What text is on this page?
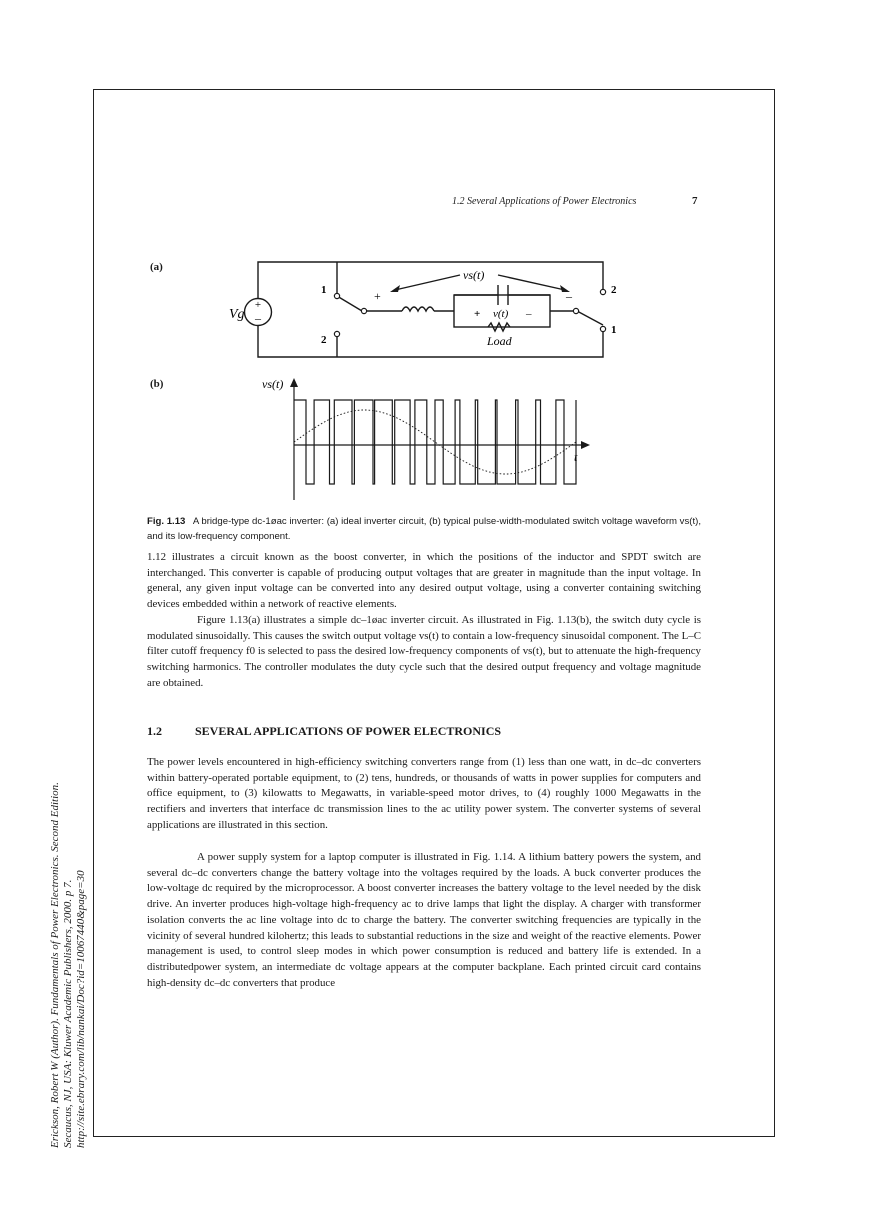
1.2 Several Applications of Power Electronics	7
(a)
(b)
+
–
Vg
1
2
2
1
vs(t)
+	–
+ v(t) –
Load
vs(t)
t
Fig. 1.13 A bridge-type dc-1øac inverter: (a) ideal inverter circuit, (b) typical pulse-width-modulated switch voltage waveform vs(t), and its low-frequency component.

1.12 illustrates a circuit known as the boost converter, in which the positions of the inductor and SPDT switch are interchanged. This converter is capable of producing output voltages that are greater in magnitude than the input voltage. In general, any given input voltage can be converted into any desired output voltage, using a converter containing switching devices embedded within a network of reactive elements.

Figure 1.13(a) illustrates a simple dc–1øac inverter circuit. As illustrated in Fig. 1.13(b), the switch duty cycle is modulated sinusoidally. This causes the switch output voltage vs(t) to contain a low-frequency sinusoidal component. The L–C filter cutoff frequency f0 is selected to pass the desired low-frequency components of vs(t), but to attenuate the high-frequency switching harmonics. The controller modulates the duty cycle such that the desired output frequency and voltage magnitude are obtained.

1.2	SEVERAL APPLICATIONS OF POWER ELECTRONICS

The power levels encountered in high-efficiency switching converters range from (1) less than one watt, in dc–dc converters within battery-operated portable equipment, to (2) tens, hundreds, or thousands of watts in power supplies for computers and office equipment, to (3) kilowatts to Megawatts, in variable-speed motor drives, to (4) roughly 1000 Megawatts in the rectifiers and inverters that interface dc transmission lines to the ac utility power system. The converter systems of several applications are illustrated in this section.

A power supply system for a laptop computer is illustrated in Fig. 1.14. A lithium battery powers the system, and several dc–dc converters change the battery voltage into the voltages required by the loads. A buck converter produces the low-voltage dc required by the microprocessor. A boost converter increases the battery voltage to the level needed by the disk drive. An inverter produces high-voltage high-frequency ac to drive lamps that light the display. A charger with transformer isolation converts the ac line voltage into dc to charge the battery. The converter switching frequencies are typically in the vicinity of several hundred kilohertz; this leads to substantial reductions in the size and weight of the reactive elements. Power management is used, to control sleep modes in which power consumption is reduced and battery life is extended. In a distributedpower system, an intermediate dc voltage appears at the computer backplane. Each printed circuit card contains high-density dc–dc converters that produce

Erickson, Robert W (Author). Fundamentals of Power Electronics. Second Edition. Secaucus, NJ, USA: Kluwer Academic Publishers, 2000. p 7. http://site.ebrary.com/lib/nankai/Doc?id=10067440&page=30
